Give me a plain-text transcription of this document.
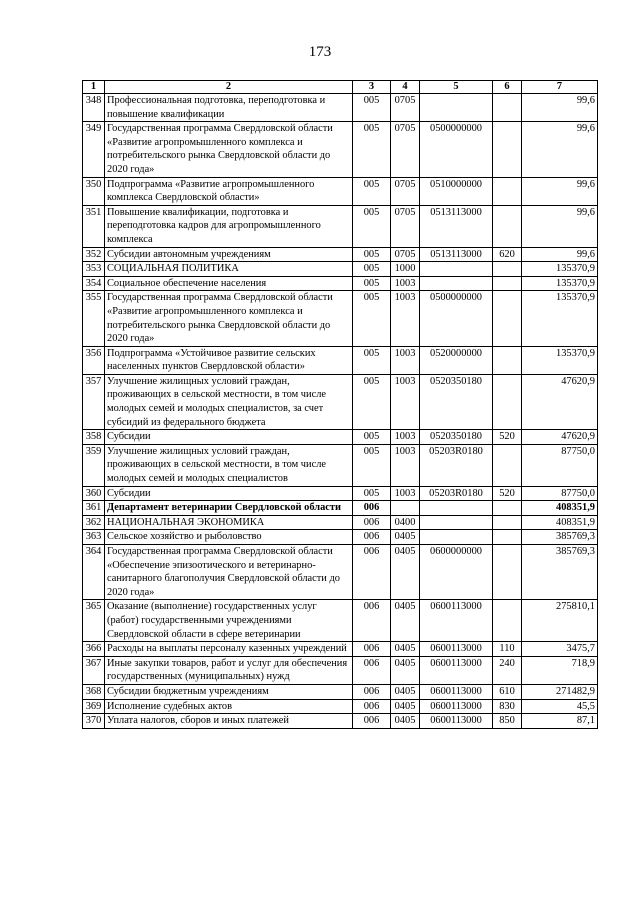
173
1	2	3	4	5	6	7
348	Профессиональная подготовка, переподготовка и повышение квалификации	005	0705			99,6
349	Государственная программа Свердловской области «Развитие агропромышленного комплекса и потребительского рынка Свердловской области до 2020 года»	005	0705	0500000000		99,6
350	Подпрограмма «Развитие агропромышленного комплекса Свердловской области»	005	0705	0510000000		99,6
351	Повышение квалификации, подготовка и переподготовка кадров для агропромышленного комплекса	005	0705	0513113000		99,6
352	Субсидии автономным учреждениям	005	0705	0513113000	620	99,6
353	СОЦИАЛЬНАЯ ПОЛИТИКА	005	1000			135370,9
354	Социальное обеспечение населения	005	1003			135370,9
355	Государственная программа Свердловской области «Развитие агропромышленного комплекса и потребительского рынка Свердловской области до 2020 года»	005	1003	0500000000		135370,9
356	Подпрограмма «Устойчивое развитие сельских населенных пунктов Свердловской области»	005	1003	0520000000		135370,9
357	Улучшение жилищных условий граждан, проживающих в сельской местности, в том числе молодых семей и молодых специалистов, за счет субсидий из федерального бюджета	005	1003	0520350180		47620,9
358	Субсидии	005	1003	0520350180	520	47620,9
359	Улучшение жилищных условий граждан, проживающих в сельской местности, в том числе молодых семей и молодых специалистов	005	1003	05203R0180		87750,0
360	Субсидии	005	1003	05203R0180	520	87750,0
361	Департамент ветеринарии Свердловской области	006				408351,9
362	НАЦИОНАЛЬНАЯ ЭКОНОМИКА	006	0400			408351,9
363	Сельское хозяйство и рыболовство	006	0405			385769,3
364	Государственная программа Свердловской области «Обеспечение эпизоотического и ветеринарно-санитарного благополучия Свердловской области до 2020 года»	006	0405	0600000000		385769,3
365	Оказание (выполнение) государственных услуг (работ) государственными учреждениями Свердловской области в сфере ветеринарии	006	0405	0600113000		275810,1
366	Расходы на выплаты персоналу казенных учреждений	006	0405	0600113000	110	3475,7
367	Иные закупки товаров, работ и услуг для обеспечения государственных (муниципальных) нужд	006	0405	0600113000	240	718,9
368	Субсидии бюджетным учреждениям	006	0405	0600113000	610	271482,9
369	Исполнение судебных актов	006	0405	0600113000	830	45,5
370	Уплата налогов, сборов и иных платежей	006	0405	0600113000	850	87,1
